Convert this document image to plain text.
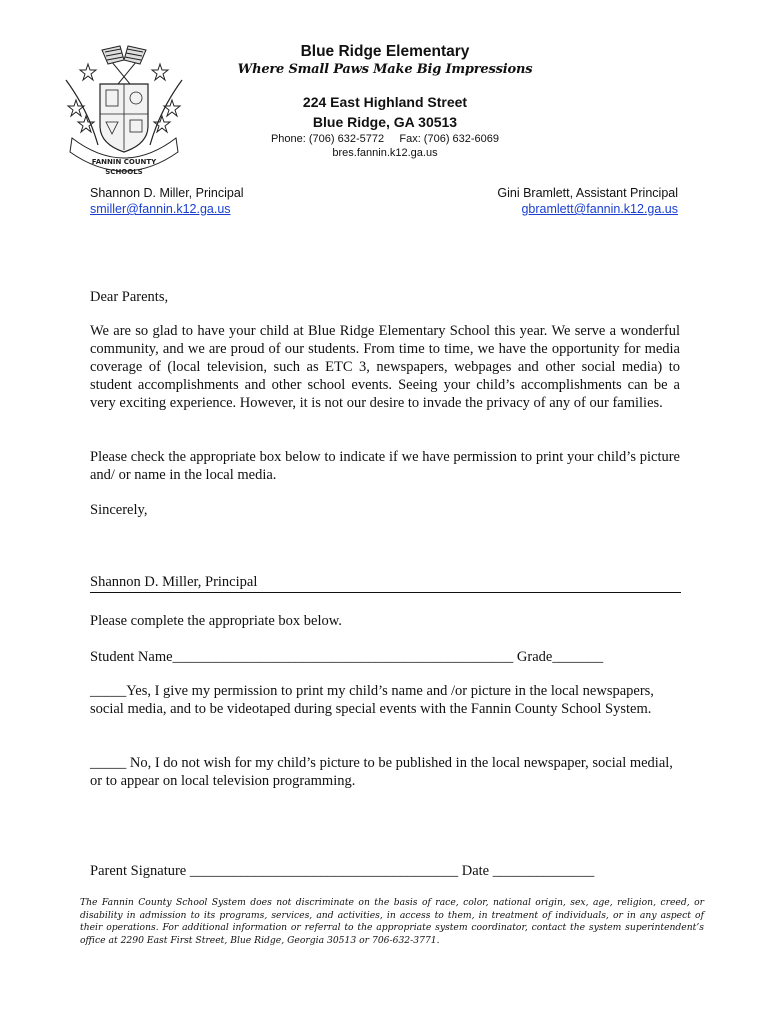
FANNIN COUNTY
SCHOOLS
Blue Ridge Elementary
Where Small Paws Make Big Impressions
224 East Highland Street
Blue Ridge, GA 30513
Phone: (706) 632-5772     Fax: (706) 632-6069
bres.fannin.k12.ga.us
Shannon D. Miller, Principal
smiller@fannin.k12.ga.us
Gini Bramlett, Assistant Principal
gbramlett@fannin.k12.ga.us
Dear Parents,
We are so glad to have your child at Blue Ridge Elementary School this year. We serve a wonderful community, and we are proud of our students. From time to time, we have the opportunity for media coverage of (local television, such as ETC 3, newspapers, webpages and other social media) to student accomplishments and other school events. Seeing your child’s accomplishments can be a very exciting experience. However, it is not our desire to invade the privacy of any of our families.
Please check the appropriate box below to indicate if we have permission to print your child’s picture and/ or name in the local media.
Sincerely,
Shannon D. Miller, Principal
Please complete the appropriate box below.
Student Name_______________________________________________ Grade_______
_____Yes, I give my permission to print my child’s name and /or picture in the local newspapers, social media, and to be videotaped during special events with the Fannin County School System.
_____ No, I do not wish for my child’s picture to be published in the local newspaper, social medial, or to appear on local television programming.
Parent Signature _____________________________________ Date ______________
The Fannin County School System does not discriminate on the basis of race, color, national origin, sex, age, religion, creed, or disability in admission to its programs, services, and activities, in access to them, in treatment of individuals, or in any aspect of their operations. For additional information or referral to the appropriate system coordinator, contact the system superintendent’s office at 2290 East First Street, Blue Ridge, Georgia 30513 or 706-632-3771.
